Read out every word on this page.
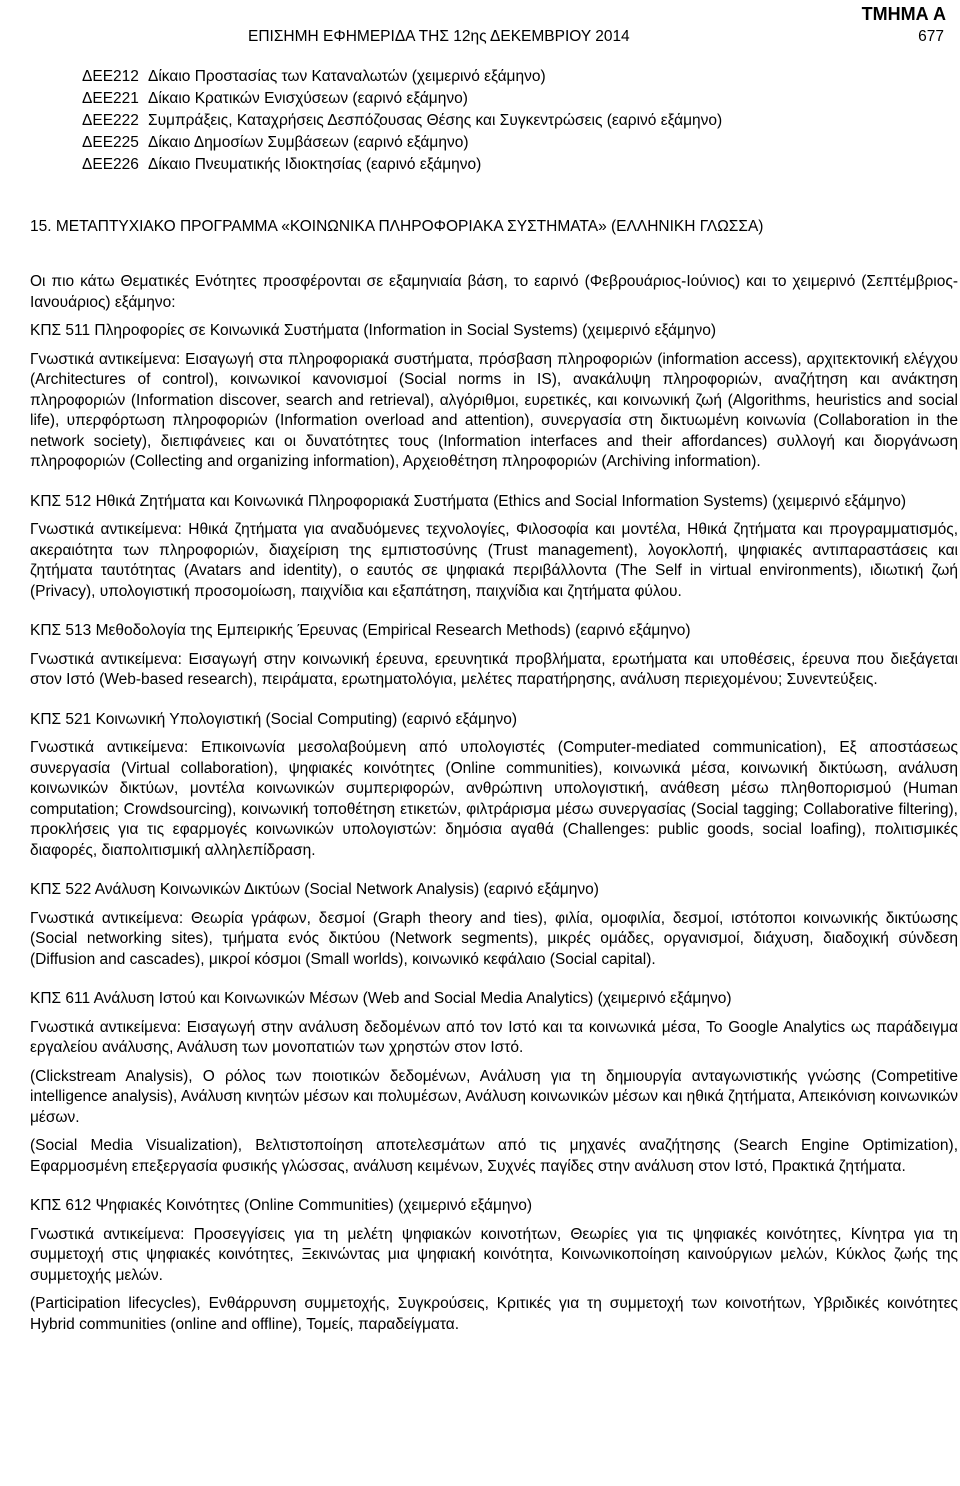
ΕΠΙΣΗΜΗ ΕΦΗΜΕΡΙΔΑ ΤΗΣ 12ης ΔΕΚΕΜΒΡΙΟΥ 2014
ΤΜΗΜΑ Α
677
ΔΕΕ212 Δίκαιο Προστασίας των Καταναλωτών (χειμερινό εξάμηνο)
ΔΕΕ221 Δίκαιο Κρατικών Ενισχύσεων (εαρινό εξάμηνο)
ΔΕΕ222 Συμπράξεις, Καταχρήσεις Δεσπόζουσας Θέσης και Συγκεντρώσεις (εαρινό εξάμηνο)
ΔΕΕ225 Δίκαιο Δημοσίων Συμβάσεων (εαρινό εξάμηνο)
ΔΕΕ226 Δίκαιο Πνευματικής Ιδιοκτησίας (εαρινό εξάμηνο)
15. ΜΕΤΑΠΤΥΧΙΑΚΟ ΠΡΟΓΡΑΜΜΑ «ΚΟΙΝΩΝΙΚΑ ΠΛΗΡΟΦΟΡΙΑΚΑ ΣΥΣΤΗΜΑΤΑ» (ΕΛΛΗΝΙΚΗ ΓΛΩΣΣΑ)

Οι πιο κάτω Θεματικές Ενότητες προσφέρονται σε εξαμηνιαία βάση, το εαρινό (Φεβρουάριος-Ιούνιος) και το χειμερινό (Σεπτέμβριος-Ιανουάριος) εξάμηνο:

ΚΠΣ 511 Πληροφορίες σε Κοινωνικά Συστήματα (Information in Social Systems) (χειμερινό εξάμηνο)

Γνωστικά αντικείμενα: Εισαγωγή στα πληροφοριακά συστήματα, πρόσβαση πληροφοριών (information access), αρχιτεκτονική ελέγχου (Architectures of control), κοινωνικοί κανονισμοί (Social norms in IS), ανακάλυψη πληροφοριών, αναζήτηση και ανάκτηση πληροφοριών (Information discover, search and retrieval), αλγόριθμοι, ευρετικές, και κοινωνική ζωή (Algorithms, heuristics and social life), υπερφόρτωση πληροφοριών (Information overload and attention), συνεργασία στη δικτυωμένη κοινωνία (Collaboration in the network society), διεπιφάνειες και οι δυνατότητες τους (Information interfaces and their affordances) συλλογή και διοργάνωση πληροφοριών (Collecting and organizing information), Αρχειοθέτηση πληροφοριών (Archiving information).

ΚΠΣ 512 Ηθικά Ζητήματα και Κοινωνικά Πληροφοριακά Συστήματα (Ethics and Social Information Systems) (χειμερινό εξάμηνο)

Γνωστικά αντικείμενα: Ηθικά ζητήματα για αναδυόμενες τεχνολογίες, Φιλοσοφία και μοντέλα, Ηθικά ζητήματα και προγραμματισμός, ακεραιότητα των πληροφοριών, διαχείριση της εμπιστοσύνης (Trust management), λογοκλοπή, ψηφιακές αντιπαραστάσεις και ζητήματα ταυτότητας (Avatars and identity), ο εαυτός σε ψηφιακά περιβάλλοντα (The Self in virtual environments), ιδιωτική ζωή (Privacy), υπολογιστική προσομοίωση, παιχνίδια και εξαπάτηση, παιχνίδια και ζητήματα φύλου.

ΚΠΣ 513 Μεθοδολογία της Εμπειρικής Έρευνας (Empirical Research Methods) (εαρινό εξάμηνο)

Γνωστικά αντικείμενα: Εισαγωγή στην κοινωνική έρευνα, ερευνητικά προβλήματα, ερωτήματα και υποθέσεις, έρευνα που διεξάγεται στον Ιστό (Web-based research), πειράματα, ερωτηματολόγια, μελέτες παρατήρησης, ανάλυση περιεχομένου; Συνεντεύξεις.

ΚΠΣ 521 Κοινωνική Υπολογιστική (Social Computing) (εαρινό εξάμηνο)

Γνωστικά αντικείμενα: Επικοινωνία μεσολαβούμενη από υπολογιστές (Computer-mediated communication), Εξ αποστάσεως συνεργασία (Virtual collaboration), ψηφιακές κοινότητες (Online communities), κοινωνικά μέσα, κοινωνική δικτύωση, ανάλυση κοινωνικών δικτύων, μοντέλα κοινωνικών συμπεριφορών, ανθρώπινη υπολογιστική, ανάθεση μέσω πληθοπορισμού (Human computation; Crowdsourcing), κοινωνική τοποθέτηση ετικετών, φιλτράρισμα μέσω συνεργασίας (Social tagging; Collaborative filtering), προκλήσεις για τις εφαρμογές κοινωνικών υπολογιστών: δημόσια αγαθά (Challenges: public goods, social loafing), πολιτισμικές διαφορές, διαπολιτισμική αλληλεπίδραση.

ΚΠΣ 522 Ανάλυση Κοινωνικών Δικτύων (Social Network Analysis) (εαρινό εξάμηνο)

Γνωστικά αντικείμενα: Θεωρία γράφων, δεσμοί (Graph theory and ties), φιλία, ομοφιλία, δεσμοί, ιστότοποι κοινωνικής δικτύωσης (Social networking sites), τμήματα ενός δικτύου (Network segments), μικρές ομάδες, οργανισμοί, διάχυση, διαδοχική σύνδεση (Diffusion and cascades), μικροί κόσμοι (Small worlds), κοινωνικό κεφάλαιο (Social capital).

ΚΠΣ 611 Ανάλυση Ιστού και Κοινωνικών Μέσων (Web and Social Media Analytics) (χειμερινό εξάμηνο)

Γνωστικά αντικείμενα: Εισαγωγή στην ανάλυση δεδομένων από τον Ιστό και τα κοινωνικά μέσα, To Google Analytics ως παράδειγμα εργαλείου ανάλυσης, Ανάλυση των μονοπατιών των χρηστών στον Ιστό.

(Clickstream Analysis), Ο ρόλος των ποιοτικών δεδομένων, Ανάλυση για τη δημιουργία ανταγωνιστικής γνώσης (Competitive intelligence analysis), Ανάλυση κινητών μέσων και πολυμέσων, Ανάλυση κοινωνικών μέσων και ηθικά ζητήματα, Απεικόνιση κοινωνικών μέσων.

(Social Media Visualization), Βελτιστοποίηση αποτελεσμάτων από τις μηχανές αναζήτησης (Search Engine Optimization), Εφαρμοσμένη επεξεργασία φυσικής γλώσσας, ανάλυση κειμένων, Συχνές παγίδες στην ανάλυση στον Ιστό, Πρακτικά ζητήματα.

ΚΠΣ 612 Ψηφιακές Κοινότητες (Online Communities) (χειμερινό εξάμηνο)

Γνωστικά αντικείμενα: Προσεγγίσεις για τη μελέτη ψηφιακών κοινοτήτων, Θεωρίες για τις ψηφιακές κοινότητες, Κίνητρα για τη συμμετοχή στις ψηφιακές κοινότητες, Ξεκινώντας μια ψηφιακή κοινότητα, Κοινωνικοποίηση καινούργιων μελών, Κύκλος ζωής της συμμετοχής μελών.

(Participation lifecycles), Ενθάρρυνση συμμετοχής, Συγκρούσεις, Κριτικές για τη συμμετοχή των κοινοτήτων, Υβριδικές κοινότητες Hybrid communities (online and offline), Τομείς, παραδείγματα.
